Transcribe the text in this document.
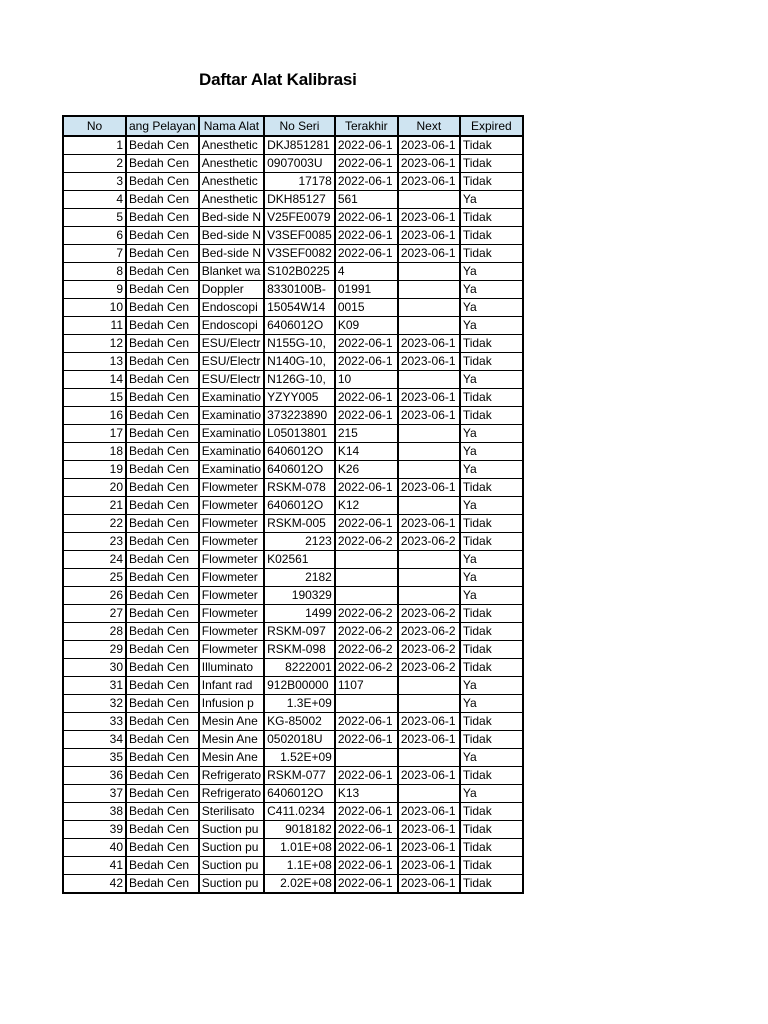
Daftar Alat Kalibrasi
No	ang Pelayan	Nama Alat	No Seri	Terakhir	Next	Expired
1	Bedah Cen	Anesthetic	DKJ851281	2022-06-1	2023-06-1	Tidak
2	Bedah Cen	Anesthetic	0907003U	2022-06-1	2023-06-1	Tidak
3	Bedah Cen	Anesthetic	17178	2022-06-1	2023-06-1	Tidak
4	Bedah Cen	Anesthetic	DKH85127	561		Ya
5	Bedah Cen	Bed-side N	V25FE0079	2022-06-1	2023-06-1	Tidak
6	Bedah Cen	Bed-side N	V3SEF0085	2022-06-1	2023-06-1	Tidak
7	Bedah Cen	Bed-side N	V3SEF0082	2022-06-1	2023-06-1	Tidak
8	Bedah Cen	Blanket wa	S102B0225	4		Ya
9	Bedah Cen	Doppler	8330100B-	01991		Ya
10	Bedah Cen	Endoscopi	15054W14	0015		Ya
11	Bedah Cen	Endoscopi	6406012O	K09		Ya
12	Bedah Cen	ESU/Electr	N155G-10,	2022-06-1	2023-06-1	Tidak
13	Bedah Cen	ESU/Electr	N140G-10,	2022-06-1	2023-06-1	Tidak
14	Bedah Cen	ESU/Electr	N126G-10,	10		Ya
15	Bedah Cen	Examinatio	YZYY005	2022-06-1	2023-06-1	Tidak
16	Bedah Cen	Examinatio	373223890	2022-06-1	2023-06-1	Tidak
17	Bedah Cen	Examinatio	L05013801	215		Ya
18	Bedah Cen	Examinatio	6406012O	K14		Ya
19	Bedah Cen	Examinatio	6406012O	K26		Ya
20	Bedah Cen	Flowmeter	RSKM-078	2022-06-1	2023-06-1	Tidak
21	Bedah Cen	Flowmeter	6406012O	K12		Ya
22	Bedah Cen	Flowmeter	RSKM-005	2022-06-1	2023-06-1	Tidak
23	Bedah Cen	Flowmeter	2123	2022-06-2	2023-06-2	Tidak
24	Bedah Cen	Flowmeter	K02561			Ya
25	Bedah Cen	Flowmeter	2182			Ya
26	Bedah Cen	Flowmeter	190329			Ya
27	Bedah Cen	Flowmeter	1499	2022-06-2	2023-06-2	Tidak
28	Bedah Cen	Flowmeter	RSKM-097	2022-06-2	2023-06-2	Tidak
29	Bedah Cen	Flowmeter	RSKM-098	2022-06-2	2023-06-2	Tidak
30	Bedah Cen	Illuminato	8222001	2022-06-2	2023-06-2	Tidak
31	Bedah Cen	Infant rad	912B00000	1107		Ya
32	Bedah Cen	Infusion p	1.3E+09			Ya
33	Bedah Cen	Mesin Ane	KG-85002	2022-06-1	2023-06-1	Tidak
34	Bedah Cen	Mesin Ane	0502018U	2022-06-1	2023-06-1	Tidak
35	Bedah Cen	Mesin Ane	1.52E+09			Ya
36	Bedah Cen	Refrigerato	RSKM-077	2022-06-1	2023-06-1	Tidak
37	Bedah Cen	Refrigerato	6406012O	K13		Ya
38	Bedah Cen	Sterilisato	C411.0234	2022-06-1	2023-06-1	Tidak
39	Bedah Cen	Suction pu	9018182	2022-06-1	2023-06-1	Tidak
40	Bedah Cen	Suction pu	1.01E+08	2022-06-1	2023-06-1	Tidak
41	Bedah Cen	Suction pu	1.1E+08	2022-06-1	2023-06-1	Tidak
42	Bedah Cen	Suction pu	2.02E+08	2022-06-1	2023-06-1	Tidak
